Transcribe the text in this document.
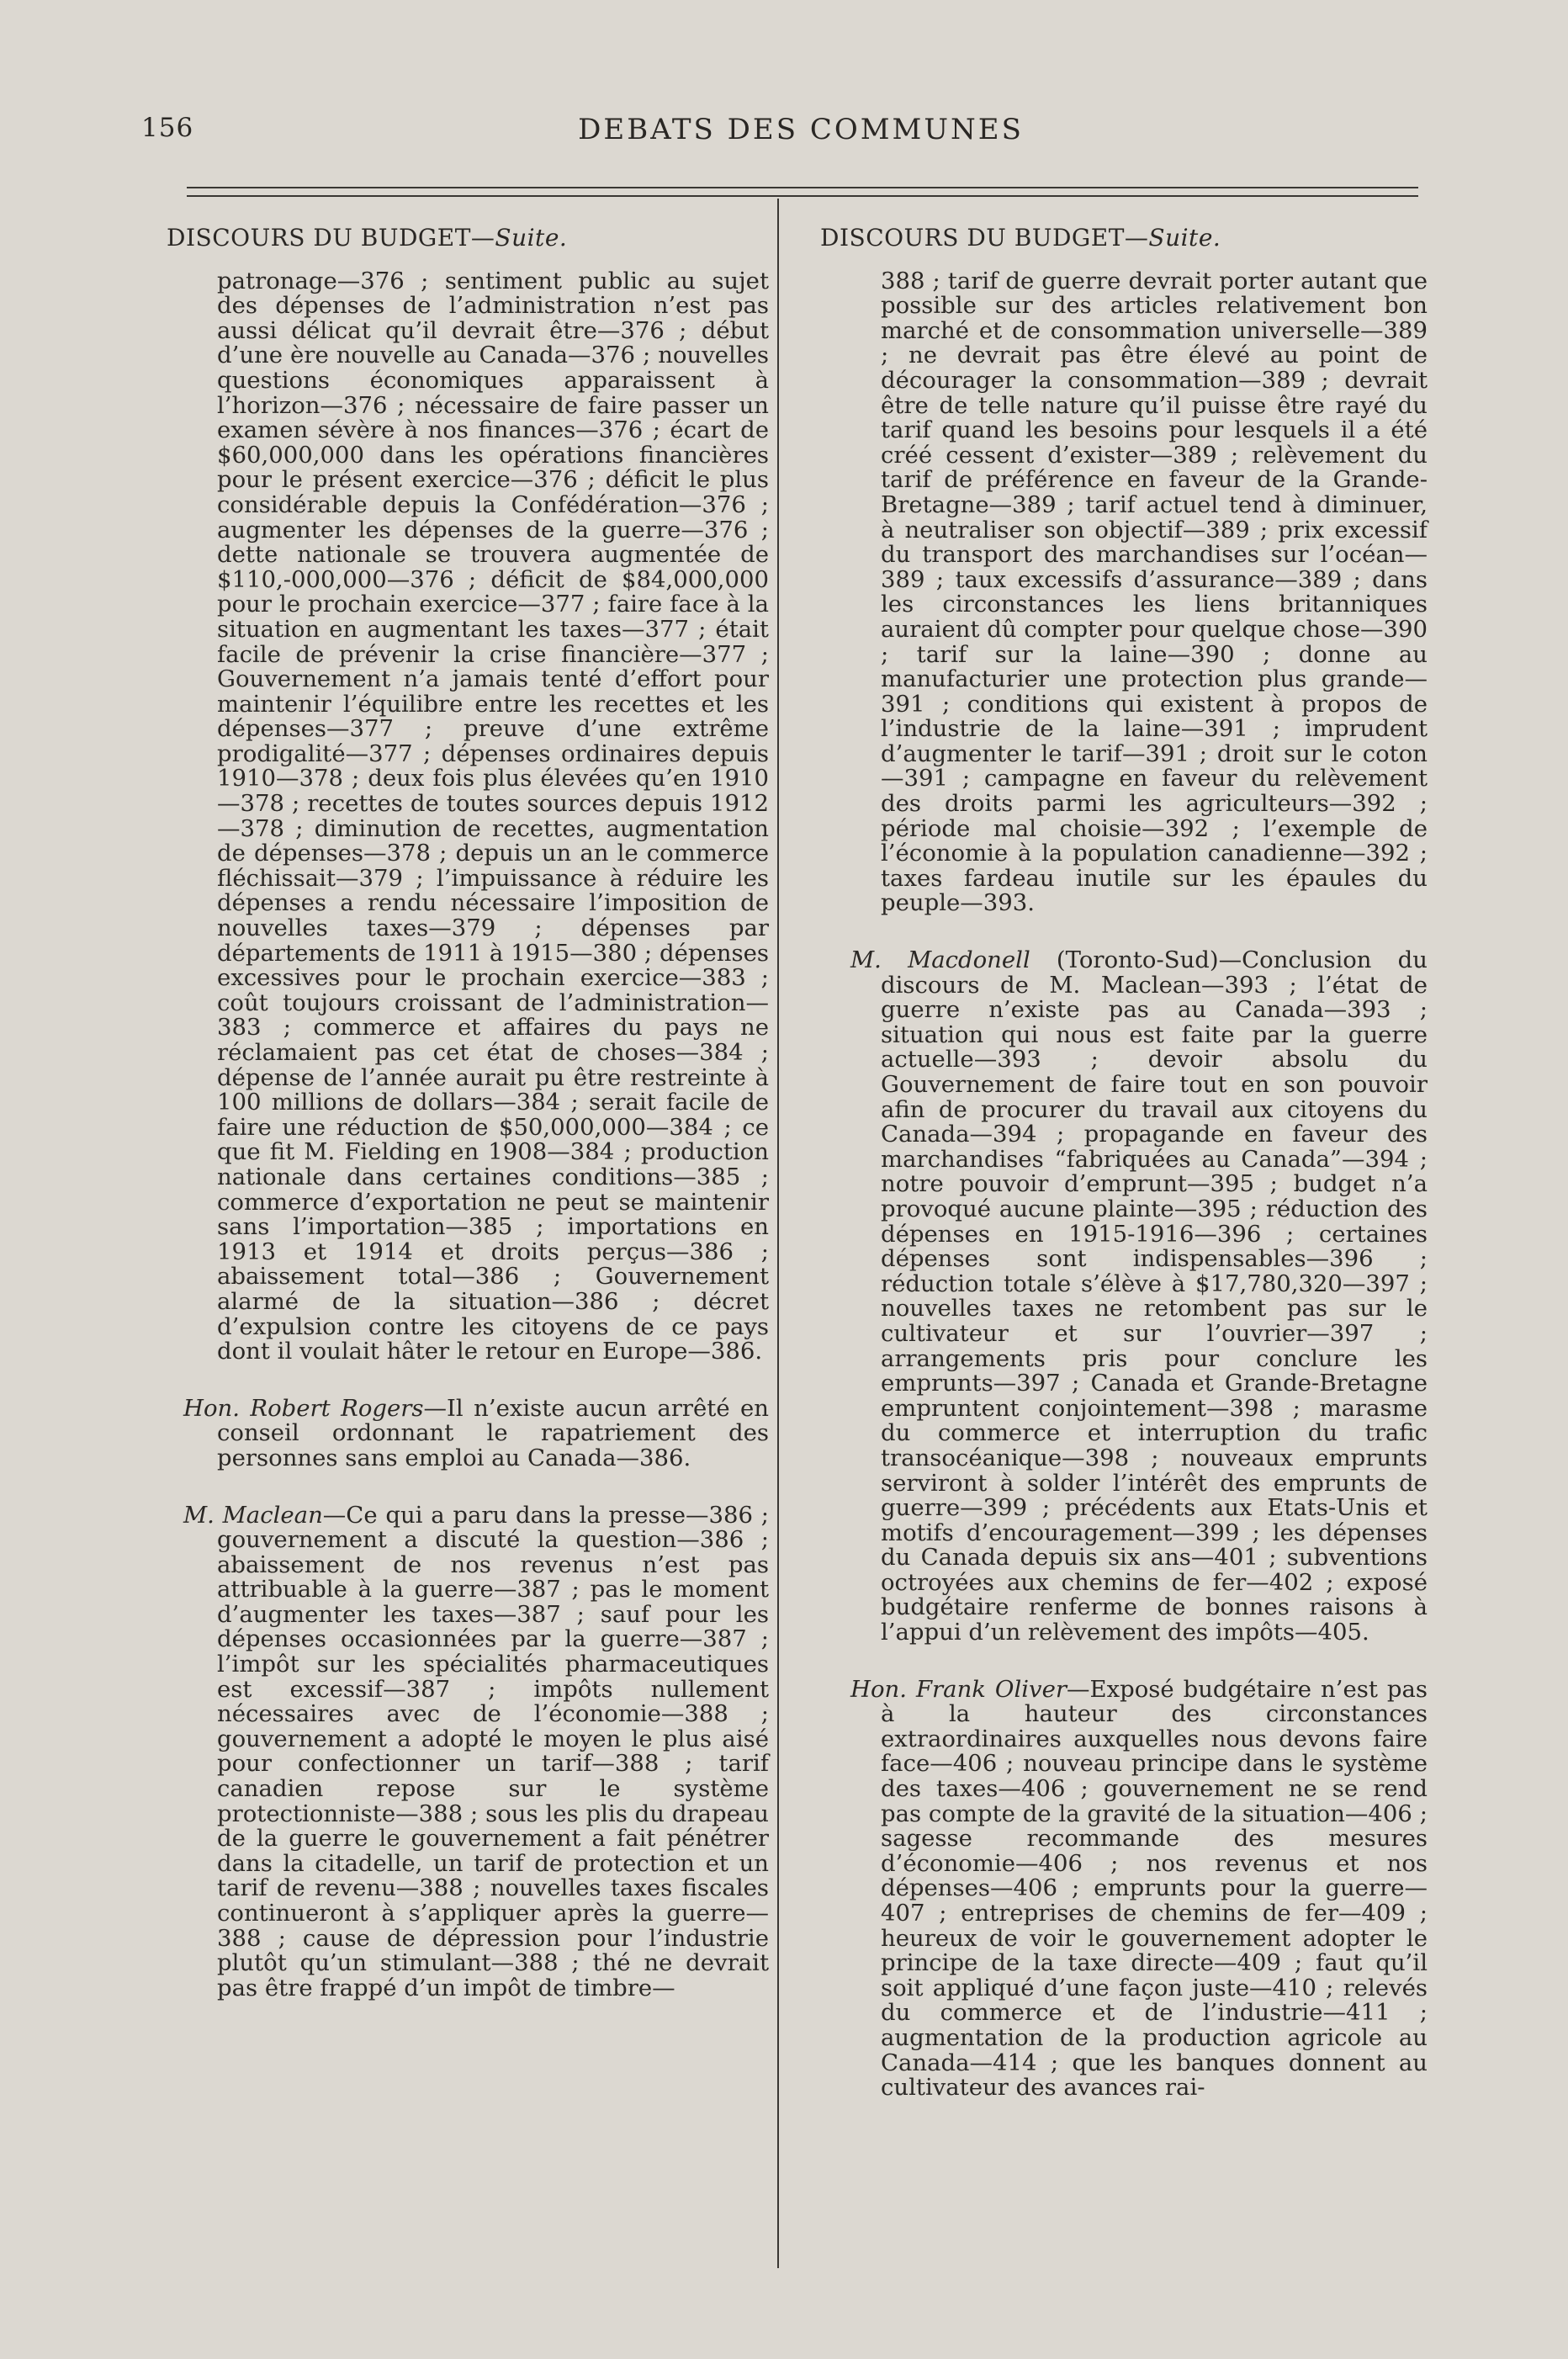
156	DEBATS DES COMMUNES
DISCOURS DU BUDGET—Suite.

patronage—376 ; sentiment public au sujet des dépenses de l’administration n’est pas aussi délicat qu’il devrait être—376 ; début d’une ère nouvelle au Canada—376 ; nouvelles questions économiques apparaissent à l’horizon—376 ; nécessaire de faire passer un examen sévère à nos finances—376 ; écart de $60,000,000 dans les opérations financières pour le présent exercice—376 ; déficit le plus considérable depuis la Confédération—376 ; augmenter les dépenses de la guerre—376 ; dette nationale se trouvera augmentée de $110,-000,000—376 ; déficit de $84,000,000 pour le prochain exercice—377 ; faire face à la situation en augmentant les taxes—377 ; était facile de prévenir la crise financière—377 ; Gouvernement n’a jamais tenté d’effort pour maintenir l’équilibre entre les recettes et les dépenses—377 ; preuve d’une extrême prodigalité—377 ; dépenses ordinaires depuis 1910—378 ; deux fois plus élevées qu’en 1910—378 ; recettes de toutes sources depuis 1912—378 ; diminution de recettes, augmentation de dépenses—378 ; depuis un an le commerce fléchissait—379 ; l’impuissance à réduire les dépenses a rendu nécessaire l’imposition de nouvelles taxes—379 ; dépenses par départements de 1911 à 1915—380 ; dépenses excessives pour le prochain exercice—383 ; coût toujours croissant de l’administration—383 ; commerce et affaires du pays ne réclamaient pas cet état de choses—384 ; dépense de l’année aurait pu être restreinte à 100 millions de dollars—384 ; serait facile de faire une réduction de $50,000,000—384 ; ce que fit M. Fielding en 1908—384 ; production nationale dans certaines conditions—385 ; commerce d’exportation ne peut se maintenir sans l’importation—385 ; importations en 1913 et 1914 et droits perçus—386 ; abaissement total—386 ; Gouvernement alarmé de la situation—386 ; décret d’expulsion contre les citoyens de ce pays dont il voulait hâter le retour en Europe—386.

Hon. Robert Rogers—Il n’existe aucun arrêté en conseil ordonnant le rapatriement des personnes sans emploi au Canada—386.

M. Maclean—Ce qui a paru dans la presse—386 ; gouvernement a discuté la question—386 ; abaissement de nos revenus n’est pas attribuable à la guerre—387 ; pas le moment d’augmenter les taxes—387 ; sauf pour les dépenses occasionnées par la guerre—387 ; l’impôt sur les spécialités pharmaceutiques est excessif—387 ; impôts nullement nécessaires avec de l’économie—388 ; gouvernement a adopté le moyen le plus aisé pour confectionner un tarif—388 ; tarif canadien repose sur le système protectionniste—388 ; sous les plis du drapeau de la guerre le gouvernement a fait pénétrer dans la citadelle, un tarif de protection et un tarif de revenu—388 ; nouvelles taxes fiscales continueront à s’appliquer après la guerre—388 ; cause de dépression pour l’industrie plutôt qu’un stimulant—388 ; thé ne devrait pas être frappé d’un impôt de timbre—

DISCOURS DU BUDGET—Suite.

388 ; tarif de guerre devrait porter autant que possible sur des articles relativement bon marché et de consommation universelle—389 ; ne devrait pas être élevé au point de décourager la consommation—389 ; devrait être de telle nature qu’il puisse être rayé du tarif quand les besoins pour lesquels il a été créé cessent d’exister—389 ; relèvement du tarif de préférence en faveur de la Grande-Bretagne—389 ; tarif actuel tend à diminuer, à neutraliser son objectif—389 ; prix excessif du transport des marchandises sur l’océan—389 ; taux excessifs d’assurance—389 ; dans les circonstances les liens britanniques auraient dû compter pour quelque chose—390 ; tarif sur la laine—390 ; donne au manufacturier une protection plus grande—391 ; conditions qui existent à propos de l’industrie de la laine—391 ; imprudent d’augmenter le tarif—391 ; droit sur le coton—391 ; campagne en faveur du relèvement des droits parmi les agriculteurs—392 ; période mal choisie—392 ; l’exemple de l’économie à la population canadienne—392 ; taxes fardeau inutile sur les épaules du peuple—393.

M. Macdonell (Toronto-Sud)—Conclusion du discours de M. Maclean—393 ; l’état de guerre n’existe pas au Canada—393 ; situation qui nous est faite par la guerre actuelle—393 ; devoir absolu du Gouvernement de faire tout en son pouvoir afin de procurer du travail aux citoyens du Canada—394 ; propagande en faveur des marchandises “fabriquées au Canada”—394 ; notre pouvoir d’emprunt—395 ; budget n’a provoqué aucune plainte—395 ; réduction des dépenses en 1915-1916—396 ; certaines dépenses sont indispensables—396 ; réduction totale s’élève à $17,780,320—397 ; nouvelles taxes ne retombent pas sur le cultivateur et sur l’ouvrier—397 ; arrangements pris pour conclure les emprunts—397 ; Canada et Grande-Bretagne empruntent conjointement—398 ; marasme du commerce et interruption du trafic transocéanique—398 ; nouveaux emprunts serviront à solder l’intérêt des emprunts de guerre—399 ; précédents aux Etats-Unis et motifs d’encouragement—399 ; les dépenses du Canada depuis six ans—401 ; subventions octroyées aux chemins de fer—402 ; exposé budgétaire renferme de bonnes raisons à l’appui d’un relèvement des impôts—405.

Hon. Frank Oliver—Exposé budgétaire n’est pas à la hauteur des circonstances extraordinaires auxquelles nous devons faire face—406 ; nouveau principe dans le système des taxes—406 ; gouvernement ne se rend pas compte de la gravité de la situation—406 ; sagesse recommande des mesures d’économie—406 ; nos revenus et nos dépenses—406 ; emprunts pour la guerre—407 ; entreprises de chemins de fer—409 ; heureux de voir le gouvernement adopter le principe de la taxe directe—409 ; faut qu’il soit appliqué d’une façon juste—410 ; relevés du commerce et de l’industrie—411 ; augmentation de la production agricole au Canada—414 ; que les banques donnent au cultivateur des avances rai-
